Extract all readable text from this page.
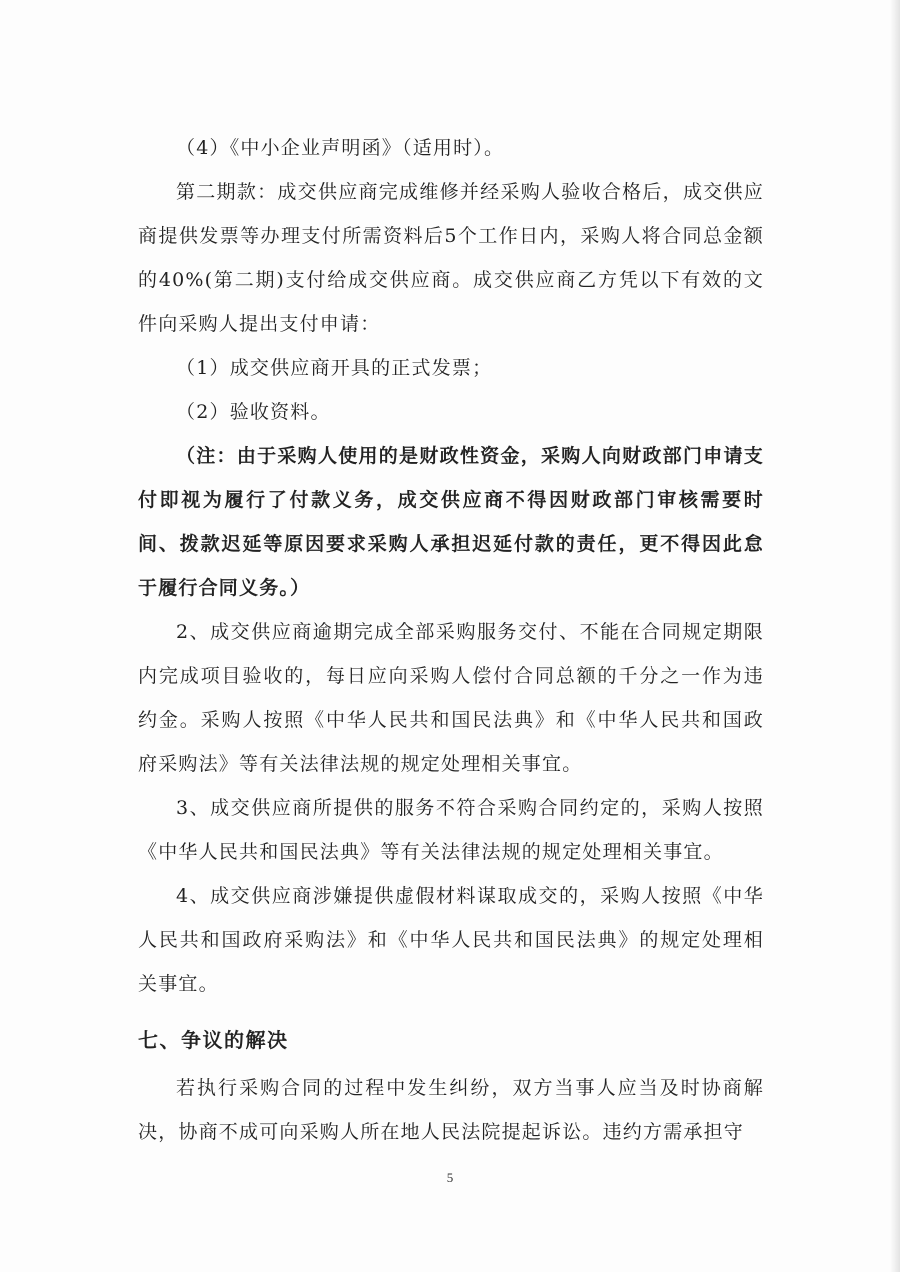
（4）《中小企业声明函》（适用时）。

第二期款：成交供应商完成维修并经采购人验收合格后，成交供应商提供发票等办理支付所需资料后5个工作日内，采购人将合同总金额的40%(第二期)支付给成交供应商。成交供应商乙方凭以下有效的文件向采购人提出支付申请：

（1）成交供应商开具的正式发票；

（2）验收资料。

（注：由于采购人使用的是财政性资金，采购人向财政部门申请支付即视为履行了付款义务，成交供应商不得因财政部门审核需要时间、拨款迟延等原因要求采购人承担迟延付款的责任，更不得因此怠于履行合同义务。）

2、成交供应商逾期完成全部采购服务交付、不能在合同规定期限内完成项目验收的，每日应向采购人偿付合同总额的千分之一作为违约金。采购人按照《中华人民共和国民法典》和《中华人民共和国政府采购法》等有关法律法规的规定处理相关事宜。

3、成交供应商所提供的服务不符合采购合同约定的，采购人按照《中华人民共和国民法典》等有关法律法规的规定处理相关事宜。

4、成交供应商涉嫌提供虚假材料谋取成交的，采购人按照《中华人民共和国政府采购法》和《中华人民共和国民法典》的规定处理相关事宜。

七、争议的解决

若执行采购合同的过程中发生纠纷，双方当事人应当及时协商解决，协商不成可向采购人所在地人民法院提起诉讼。违约方需承担守

5
